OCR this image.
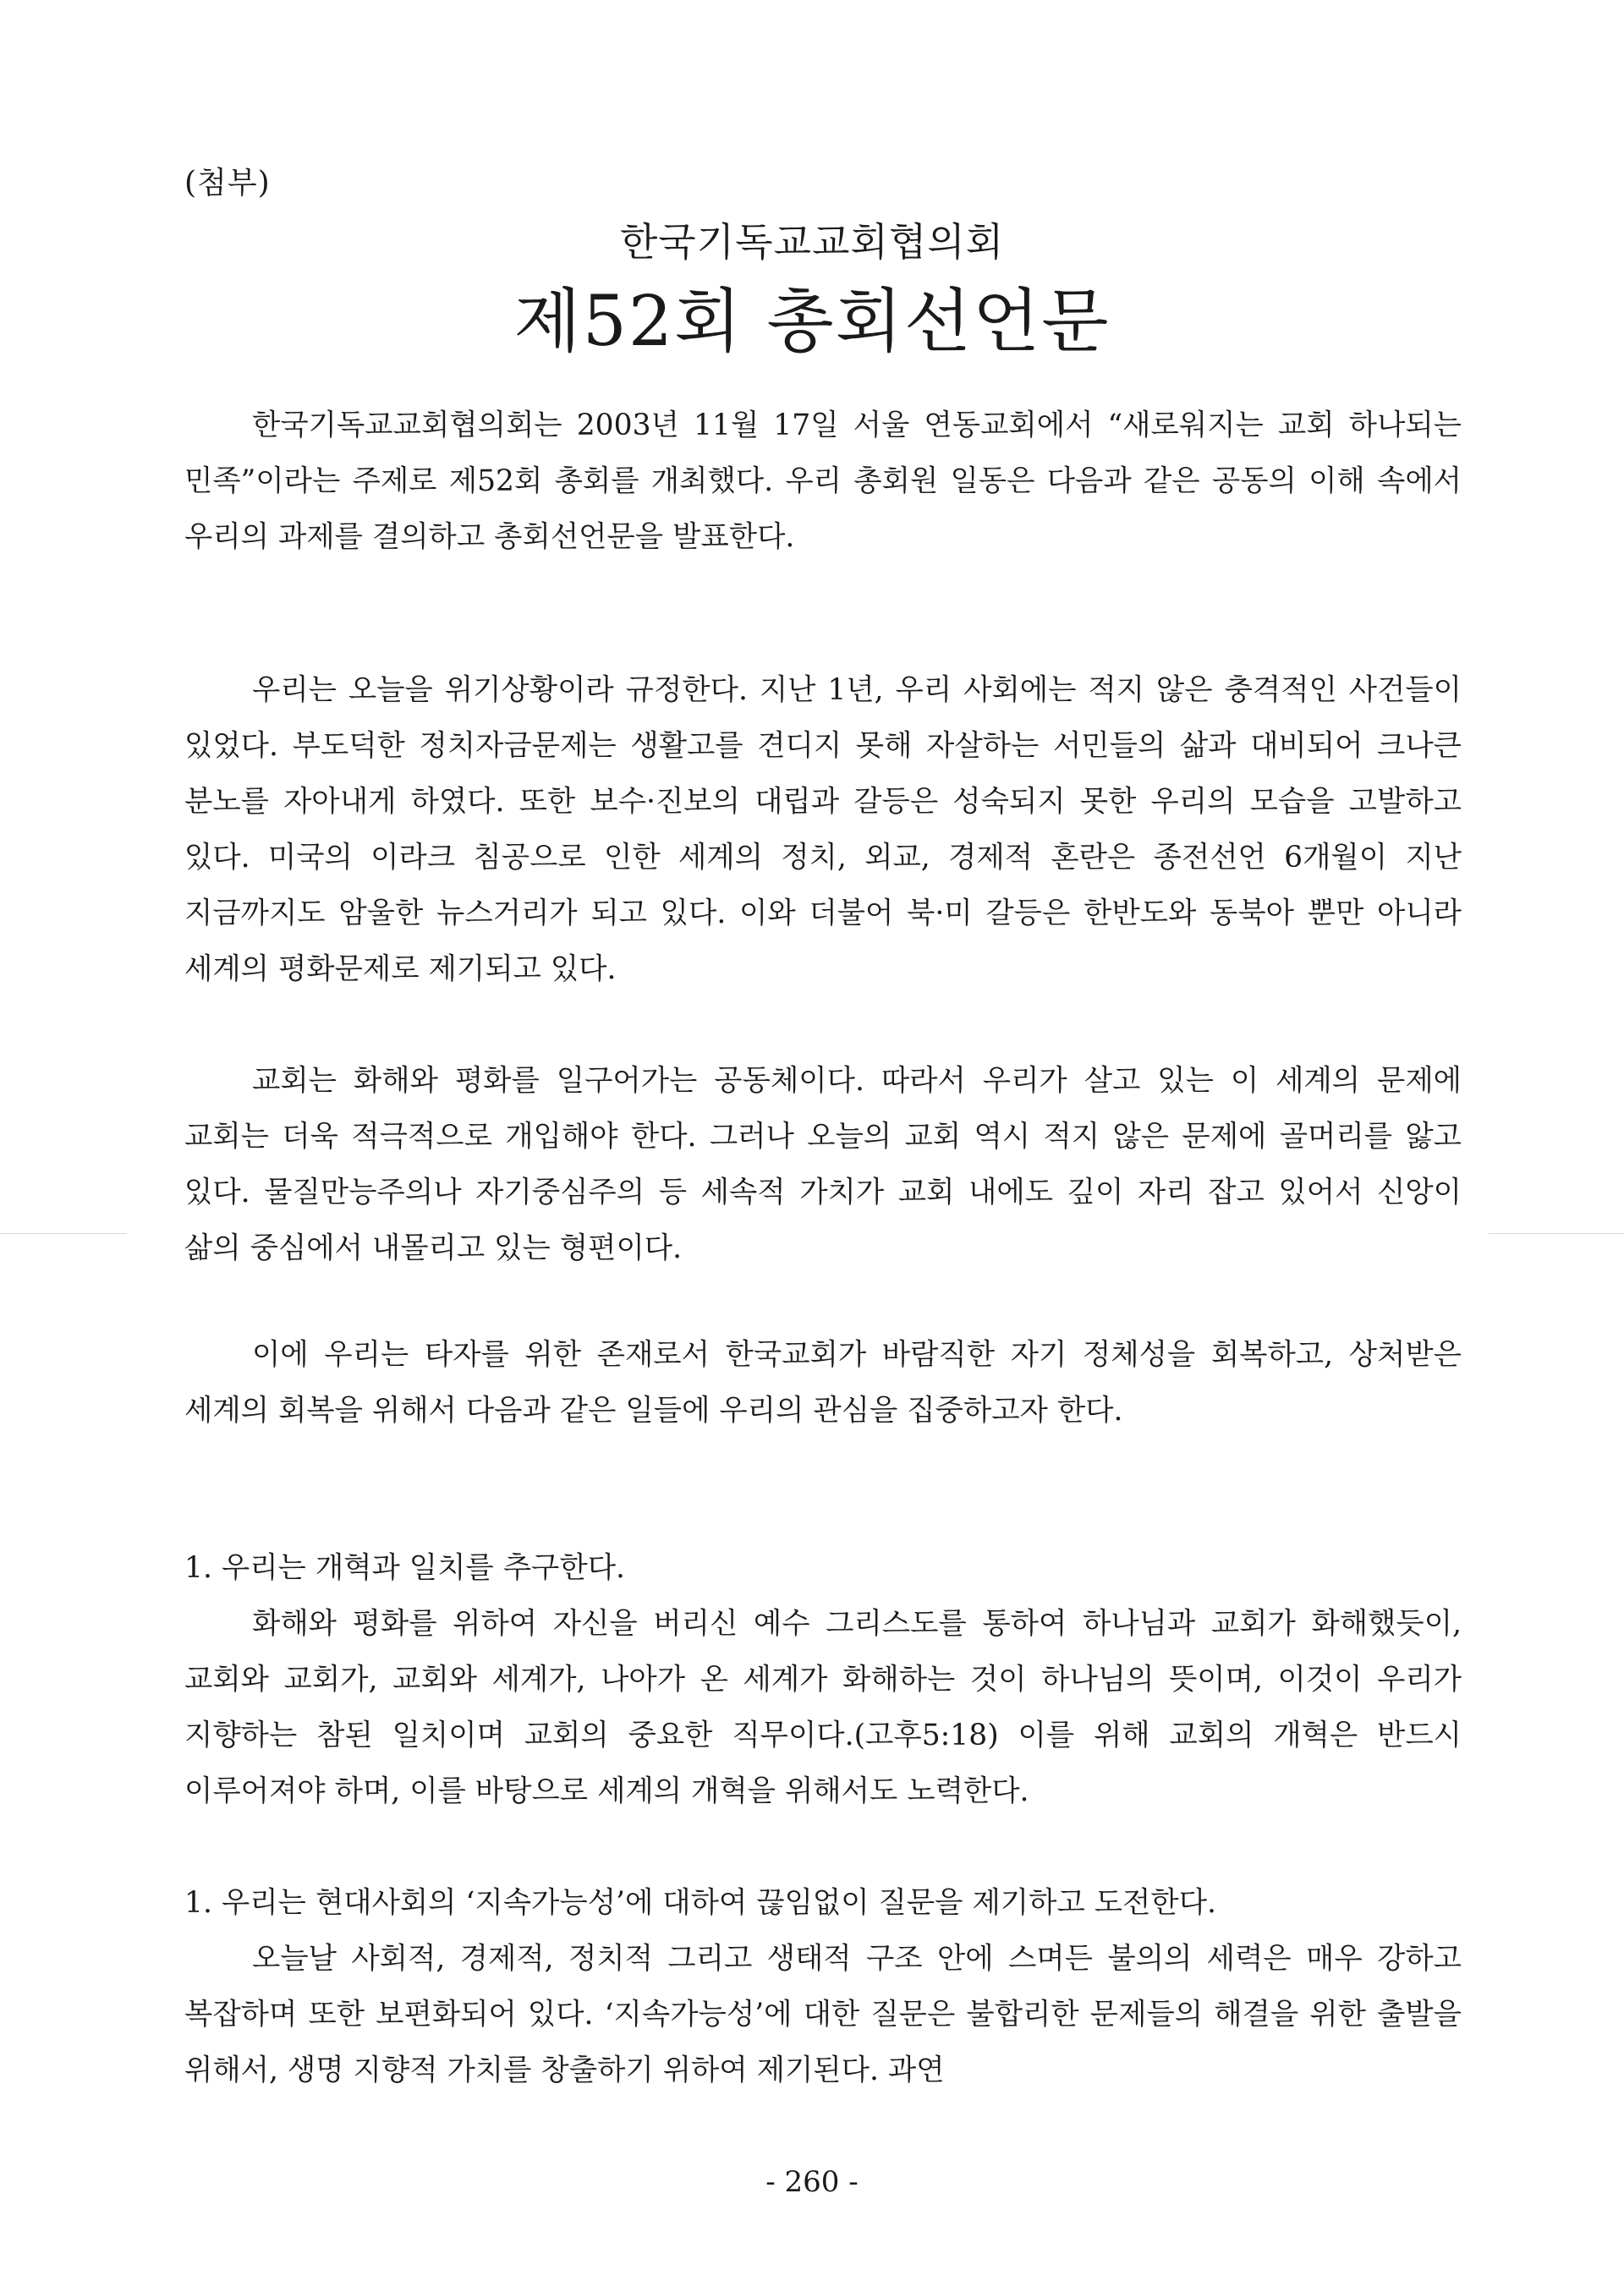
(첨부)
한국기독교교회협의회
제52회 총회선언문

한국기독교교회협의회는 2003년 11월 17일 서울 연동교회에서 “새로워지는 교회 하나되는 민족”이라는 주제로 제52회 총회를 개최했다. 우리 총회원 일동은 다음과 같은 공동의 이해 속에서 우리의 과제를 결의하고 총회선언문을 발표한다.

우리는 오늘을 위기상황이라 규정한다. 지난 1년, 우리 사회에는 적지 않은 충격적인 사건들이 있었다. 부도덕한 정치자금문제는 생활고를 견디지 못해 자살하는 서민들의 삶과 대비되어 크나큰 분노를 자아내게 하였다. 또한 보수·진보의 대립과 갈등은 성숙되지 못한 우리의 모습을 고발하고 있다. 미국의 이라크 침공으로 인한 세계의 정치, 외교, 경제적 혼란은 종전선언 6개월이 지난 지금까지도 암울한 뉴스거리가 되고 있다. 이와 더불어 북·미 갈등은 한반도와 동북아 뿐만 아니라 세계의 평화문제로 제기되고 있다.

교회는 화해와 평화를 일구어가는 공동체이다. 따라서 우리가 살고 있는 이 세계의 문제에 교회는 더욱 적극적으로 개입해야 한다. 그러나 오늘의 교회 역시 적지 않은 문제에 골머리를 앓고 있다. 물질만능주의나 자기중심주의 등 세속적 가치가 교회 내에도 깊이 자리 잡고 있어서 신앙이 삶의 중심에서 내몰리고 있는 형편이다.

이에 우리는 타자를 위한 존재로서 한국교회가 바람직한 자기 정체성을 회복하고, 상처받은 세계의 회복을 위해서 다음과 같은 일들에 우리의 관심을 집중하고자 한다.

1. 우리는 개혁과 일치를 추구한다.

화해와 평화를 위하여 자신을 버리신 예수 그리스도를 통하여 하나님과 교회가 화해했듯이, 교회와 교회가, 교회와 세계가, 나아가 온 세계가 화해하는 것이 하나님의 뜻이며, 이것이 우리가 지향하는 참된 일치이며 교회의 중요한 직무이다.(고후5:18) 이를 위해 교회의 개혁은 반드시 이루어져야 하며, 이를 바탕으로 세계의 개혁을 위해서도 노력한다.

1. 우리는 현대사회의 ‘지속가능성’에 대하여 끊임없이 질문을 제기하고 도전한다.

오늘날 사회적, 경제적, 정치적 그리고 생태적 구조 안에 스며든 불의의 세력은 매우 강하고 복잡하며 또한 보편화되어 있다. ‘지속가능성’에 대한 질문은 불합리한 문제들의 해결을 위한 출발을 위해서, 생명 지향적 가치를 창출하기 위하여 제기된다. 과연

- 260 -
